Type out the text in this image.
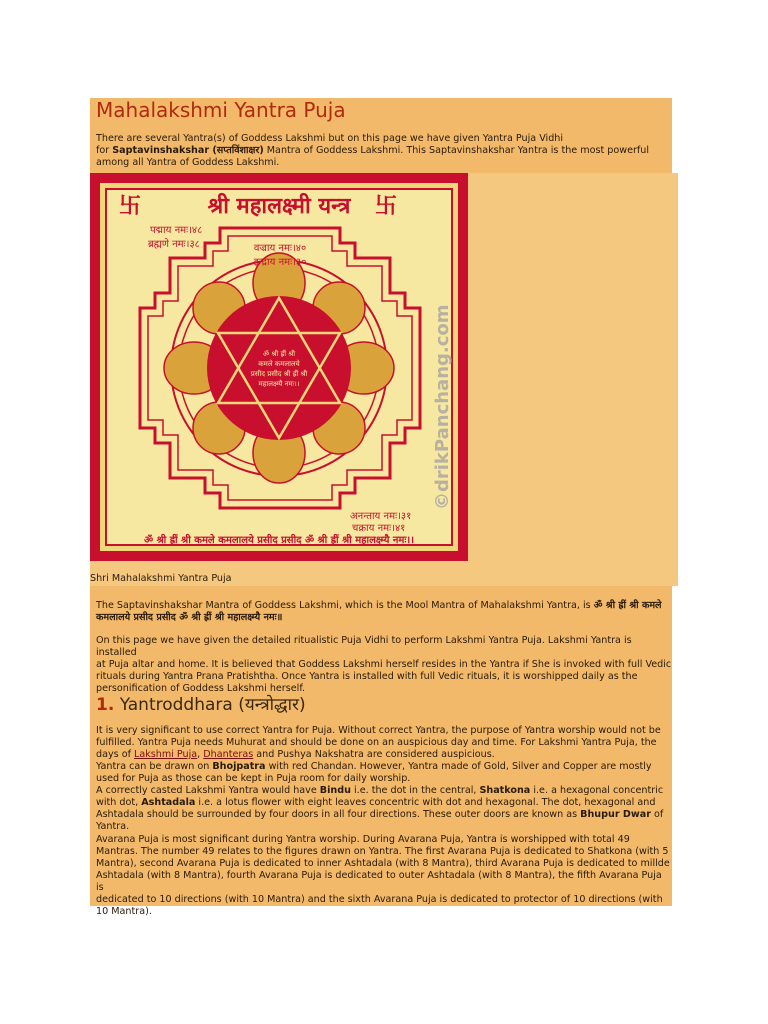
Mahalakshmi Yantra Puja

There are several Yantra(s) of Goddess Lakshmi but on this page we have given Yantra Puja Vidhi
for Saptavinshakshar (सप्तविंशाक्षर) Mantra of Goddess Lakshmi. This Saptavinshakshar Yantra is the most powerful
among all Yantra of Goddess Lakshmi.

श्री महालक्ष्मी यन्त्र
卐	卐
ॐ श्री ह्रीं श्री
कमले कमलालये
प्रसीद प्रसीद श्री ह्रीं श्री
महालक्ष्म्यै नमः।।
पद्माय नमः।४८
ब्रह्मणे नमः।३८	वज्राय नमः।४०
इन्द्राय नमः।३०
अनन्ताय नमः।३१
चक्राय नमः।४१
ॐ श्री ह्रीं श्री कमले कमलालये प्रसीद प्रसीद ॐ श्री ह्रीं श्री महालक्ष्म्यै नमः।।
©drikPanchang.com
Shri Mahalakshmi Yantra Puja

The Saptavinshakshar Mantra of Goddess Lakshmi, which is the Mool Mantra of Mahalakshmi Yantra, is ॐ श्री ह्रीं श्री कमले
कमलालये प्रसीद प्रसीद ॐ श्री ह्रीं श्री महालक्ष्म्यै नमः॥

On this page we have given the detailed ritualistic Puja Vidhi to perform Lakshmi Yantra Puja. Lakshmi Yantra is installed
at Puja altar and home. It is believed that Goddess Lakshmi herself resides in the Yantra if She is invoked with full Vedic
rituals during Yantra Prana Pratishtha. Once Yantra is installed with full Vedic rituals, it is worshipped daily as the
personification of Goddess Lakshmi herself.

1. Yantroddhara (यन्त्रोद्धार)

It is very significant to use correct Yantra for Puja. Without correct Yantra, the purpose of Yantra worship would not be
fulfilled. Yantra Puja needs Muhurat and should be done on an auspicious day and time. For Lakshmi Yantra Puja, the
days of Lakshmi Puja, Dhanteras and Pushya Nakshatra are considered auspicious.
Yantra can be drawn on Bhojpatra with red Chandan. However, Yantra made of Gold, Silver and Copper are mostly
used for Puja as those can be kept in Puja room for daily worship.
A correctly casted Lakshmi Yantra would have Bindu i.e. the dot in the central, Shatkona i.e. a hexagonal concentric
with dot, Ashtadala i.e. a lotus flower with eight leaves concentric with dot and hexagonal. The dot, hexagonal and
Ashtadala should be surrounded by four doors in all four directions. These outer doors are known as Bhupur Dwar of
Yantra.

Avarana Puja is most significant during Yantra worship. During Avarana Puja, Yantra is worshipped with total 49
Mantras. The number 49 relates to the figures drawn on Yantra. The first Avarana Puja is dedicated to Shatkona (with 5
Mantra), second Avarana Puja is dedicated to inner Ashtadala (with 8 Mantra), third Avarana Puja is dedicated to millde
Ashtadala (with 8 Mantra), fourth Avarana Puja is dedicated to outer Ashtadala (with 8 Mantra), the fifth Avarana Puja is
dedicated to 10 directions (with 10 Mantra) and the sixth Avarana Puja is dedicated to protector of 10 directions (with
10 Mantra).
